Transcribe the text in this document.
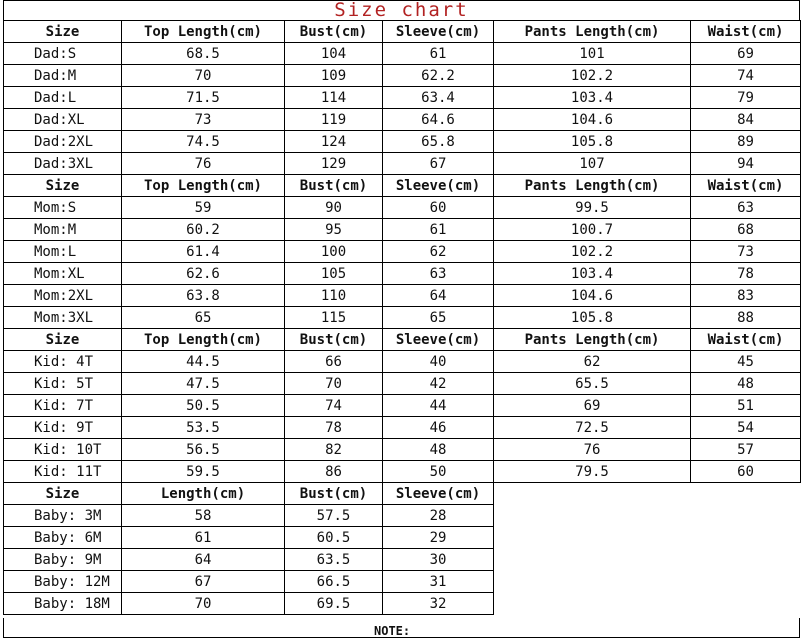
Size chart
Size	Top Length(cm)	Bust(cm)	Sleeve(cm)	Pants Length(cm)	Waist(cm)
Dad:S	68.5	104	61	101	69
Dad:M	70	109	62.2	102.2	74
Dad:L	71.5	114	63.4	103.4	79
Dad:XL	73	119	64.6	104.6	84
Dad:2XL	74.5	124	65.8	105.8	89
Dad:3XL	76	129	67	107	94
Size	Top Length(cm)	Bust(cm)	Sleeve(cm)	Pants Length(cm)	Waist(cm)
Mom:S	59	90	60	99.5	63
Mom:M	60.2	95	61	100.7	68
Mom:L	61.4	100	62	102.2	73
Mom:XL	62.6	105	63	103.4	78
Mom:2XL	63.8	110	64	104.6	83
Mom:3XL	65	115	65	105.8	88
Size	Top Length(cm)	Bust(cm)	Sleeve(cm)	Pants Length(cm)	Waist(cm)
Kid: 4T	44.5	66	40	62	45
Kid: 5T	47.5	70	42	65.5	48
Kid: 7T	50.5	74	44	69	51
Kid: 9T	53.5	78	46	72.5	54
Kid: 10T	56.5	82	48	76	57
Kid: 11T	59.5	86	50	79.5	60
Size	Length(cm)	Bust(cm)	Sleeve(cm)		
Baby: 3M	58	57.5	28		
Baby: 6M	61	60.5	29		
Baby: 9M	64	63.5	30		
Baby: 12M	67	66.5	31		
Baby: 18M	70	69.5	32		
NOTE:
